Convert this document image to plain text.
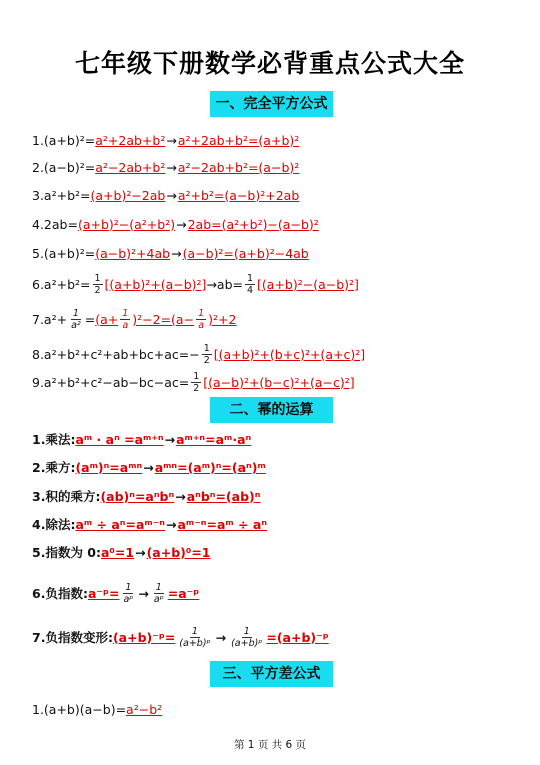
七年级下册数学必背重点公式大全
一、完全平方公式
1.(a+b)²= a²+2ab+b² → a²+2ab+b²=(a+b)²
2.(a−b)²= a²−2ab+b² → a²−2ab+b²=(a−b)²
3.a²+b²= (a+b)²−2ab → a²+b²=(a−b)²+2ab
4.2ab= (a+b)²−(a²+b²) → 2ab=(a²+b²)−(a−b)²
5.(a+b)²= (a−b)²+4ab → (a−b)²=(a+b)²−4ab
$6.a^2+b^2= \frac{1}{2} [(a+b)^2+(a-b)^2] \to ab= \frac{1}{4} [(a+b)^2-(a-b)^2]$
$7.a^2+ \frac{1}{\text{a²}} = (a+ \frac{1}{a} )^2-2=(a- \frac{1}{a} )^2+2$
$8.a^2+b^2+c^2+ab+bc+ac=- \frac{1}{2} [(a+b)^2+(b+c)^2+(a+c)^2]$
$9.a^2+b^2+c^2-ab-bc-ac= \frac{1}{2} [(a-b)^2+(b-c)^2+(a-c)^2]$
二、幂的运算
1.乘法: aᵐ · aⁿ =aᵐ⁺ⁿ → aᵐ⁺ⁿ=aᵐ·aⁿ
2.乘方: (aᵐ)ⁿ=aᵐⁿ → aᵐⁿ=(aᵐ)ⁿ=(aⁿ)ᵐ
3.积的乘方: (ab)ⁿ=aⁿbⁿ → aⁿbⁿ=(ab)ⁿ
4.除法: aᵐ ÷ aⁿ=aᵐ⁻ⁿ → aᵐ⁻ⁿ=aᵐ ÷ aⁿ
5.指数为 0: a⁰=1 → (a+b)⁰=1
6.负指数: a⁻ᵖ= $\frac{1}{\text{aᵖ}} \to \frac{1}{\text{aᵖ}}$ =a⁻ᵖ
7.负指数变形: (a+b)⁻ᵖ= $\frac{1}{\text{(a+b)ᵖ}} \to \frac{1}{\text{(a+b)ᵖ}}$ =(a+b)⁻ᵖ
三、平方差公式
1.(a+b)(a−b)= a²−b²
第 1 页 共 6 页
